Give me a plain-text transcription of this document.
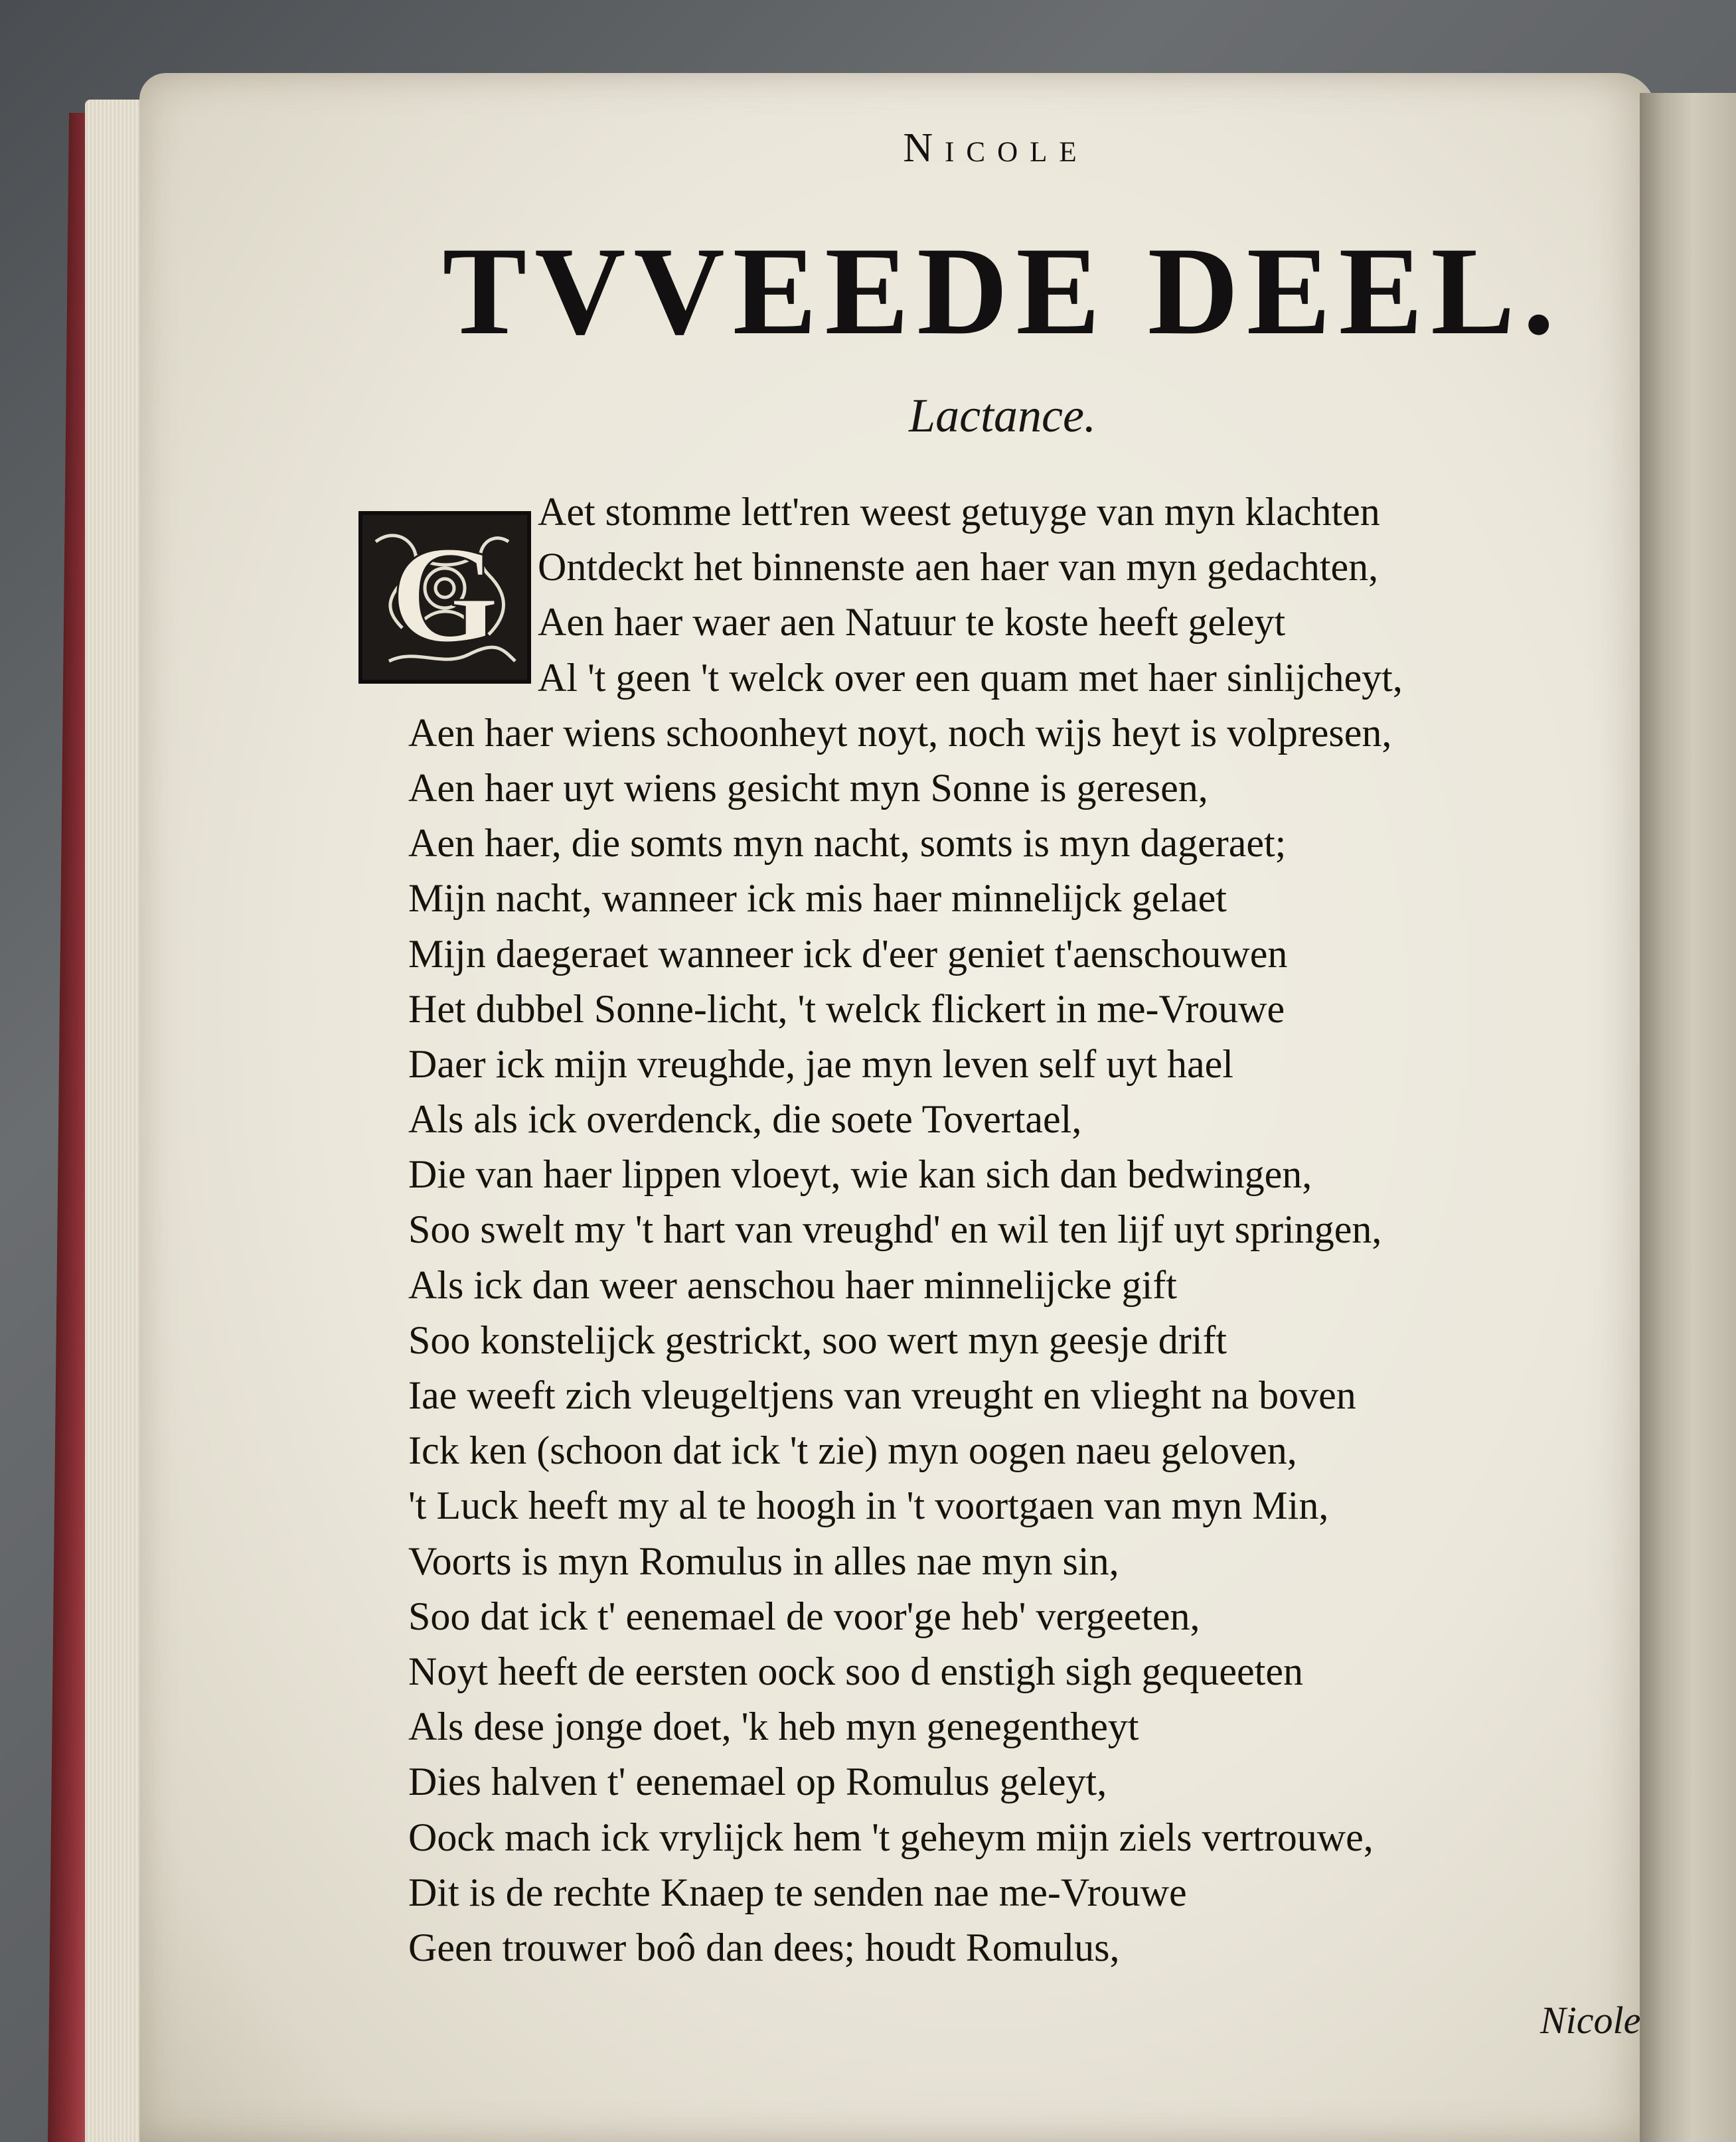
Nicole
TVVEEDE DEEL.
Lactance.
G
Aet stomme lett'ren weest getuyge van myn klachten
Ontdeckt het binnenste aen haer van myn gedachten,
Aen haer waer aen Natuur te koste heeft geleyt
Al 't geen 't welck over een quam met haer sinlijcheyt,
Aen haer wiens schoonheyt noyt, noch wijs heyt is volpresen,
Aen haer uyt wiens gesicht myn Sonne is geresen,
Aen haer, die somts myn nacht, somts is myn dageraet;
Mijn nacht, wanneer ick mis haer minnelijck gelaet
Mijn daegeraet wanneer ick d'eer geniet t'aenschouwen
Het dubbel Sonne-licht, 't welck flickert in me-Vrouwe
Daer ick mijn vreughde, jae myn leven self uyt hael
Als als ick overdenck, die soete Tovertael,
Die van haer lippen vloeyt, wie kan sich dan bedwingen,
Soo swelt my 't hart van vreughd' en wil ten lijf uyt springen,
Als ick dan weer aenschou haer minnelijcke gift
Soo konstelijck gestrickt, soo wert myn geesje drift
Iae weeft zich vleugeltjens van vreught en vlieght na boven
Ick ken (schoon dat ick 't zie) myn oogen naeu geloven,
't Luck heeft my al te hoogh in 't voortgaen van myn Min,
Voorts is myn Romulus in alles nae myn sin,
Soo dat ick t' eenemael de voor'ge heb' vergeeten,
Noyt heeft de eersten oock soo d enstigh sigh gequeeten
Als dese jonge doet, 'k heb myn genegentheyt
Dies halven t' eenemael op Romulus geleyt,
Oock mach ick vrylijck hem 't geheym mijn ziels vertrouwe,
Dit is de rechte Knaep te senden nae me-Vrouwe
Geen trouwer boô dan dees; houdt Romulus,
Nicole
